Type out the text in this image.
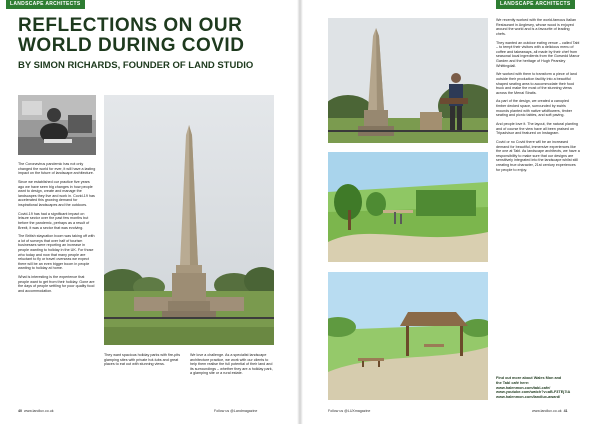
LANDSCAPE ARCHITECTS
REFLECTIONS ON OUR WORLD DURING COVID
BY SIMON RICHARDS, FOUNDER OF LAND STUDIO

The Coronavirus pandemic has not only changed the world for ever, it will have a lasting impact on the future of landscape architecture.

Since we established our practice five years ago we have seen big changes in how people want to design, create and manage the landscapes they live and work in. Covid-19 has accelerated this growing demand for inspirational landscapes and the outdoors.

Covid-19 has had a significant impact on leisure sector over the past few months but before the pandemic, perhaps as a result of Brexit, it was a sector that was evolving.

The British staycation boom was taking off with a lot of surveys that over half of tourism businesses were reporting an increase in people wanting to holiday in the UK. For those who today and now that many people are reluctant to fly or travel overseas we expect there will be an even bigger boom in people wanting to holiday at home.

What is interesting is the experience that people want to get from their holiday. Gone are the days of people settling for poor quality food and accommodation.

They want spacious holiday parks with fire-pits glamping sites with private hot-tubs and great places to eat out with stunning views.

We love a challenge. As a specialist landscape architecture practice, we work with our clients to help them realise the full potential of their land and its surroundings – whether they are a holiday park, a glamping site or a rural estate.

40 www.landlux.co.uk	Follow us @Landmagazine
LANDSCAPE ARCHITECTS

We recently worked with the world-famous Italian Restaurant in Anglesey, whose wood is enjoyed around the world and is a favourite of leading chefs.

They wanted an outdoor eating venue – called Tabl – to tempt their visitors with a delicious menu of coffee and takeaways, all made by their chef from seasonal local ingredients from the Gorsedd Manor Garden and the heritage of Hugh Pearsley Whittingdall.

We worked with them to transform a piece of land outside their production facility into a beautiful shaped seating area to accommodate their food truck and make the most of the stunning views across the Menai Straits.

As part of the design, we created a canopied timber decked space, surrounded by swirls mounds planted with native wildflowers, timber seating and picnic tables, and soft paving.

And people love it. The layout, the natural planting and of course the view have all been praised on Tripadvisor and featured on Instagram.

Covid or no Covid there will be an increased demand for beautiful, immersive experiences like the one at Tabl. As landscape architects, we have a responsibility to make sure that our designs are sensitively integrated into the landscape whilst still creating true character, 21st century experiences for people to enjoy.

Find out more about Wales Mon and
the Tabl café here:
www.halenmon.com/tabl-cafe/
www.youtube.com/watch?v=aB-F3TEj7iA
www.halenmon.com/landlux-award/
Follow us @LUXmagazine	www.landlux.co.uk 41
